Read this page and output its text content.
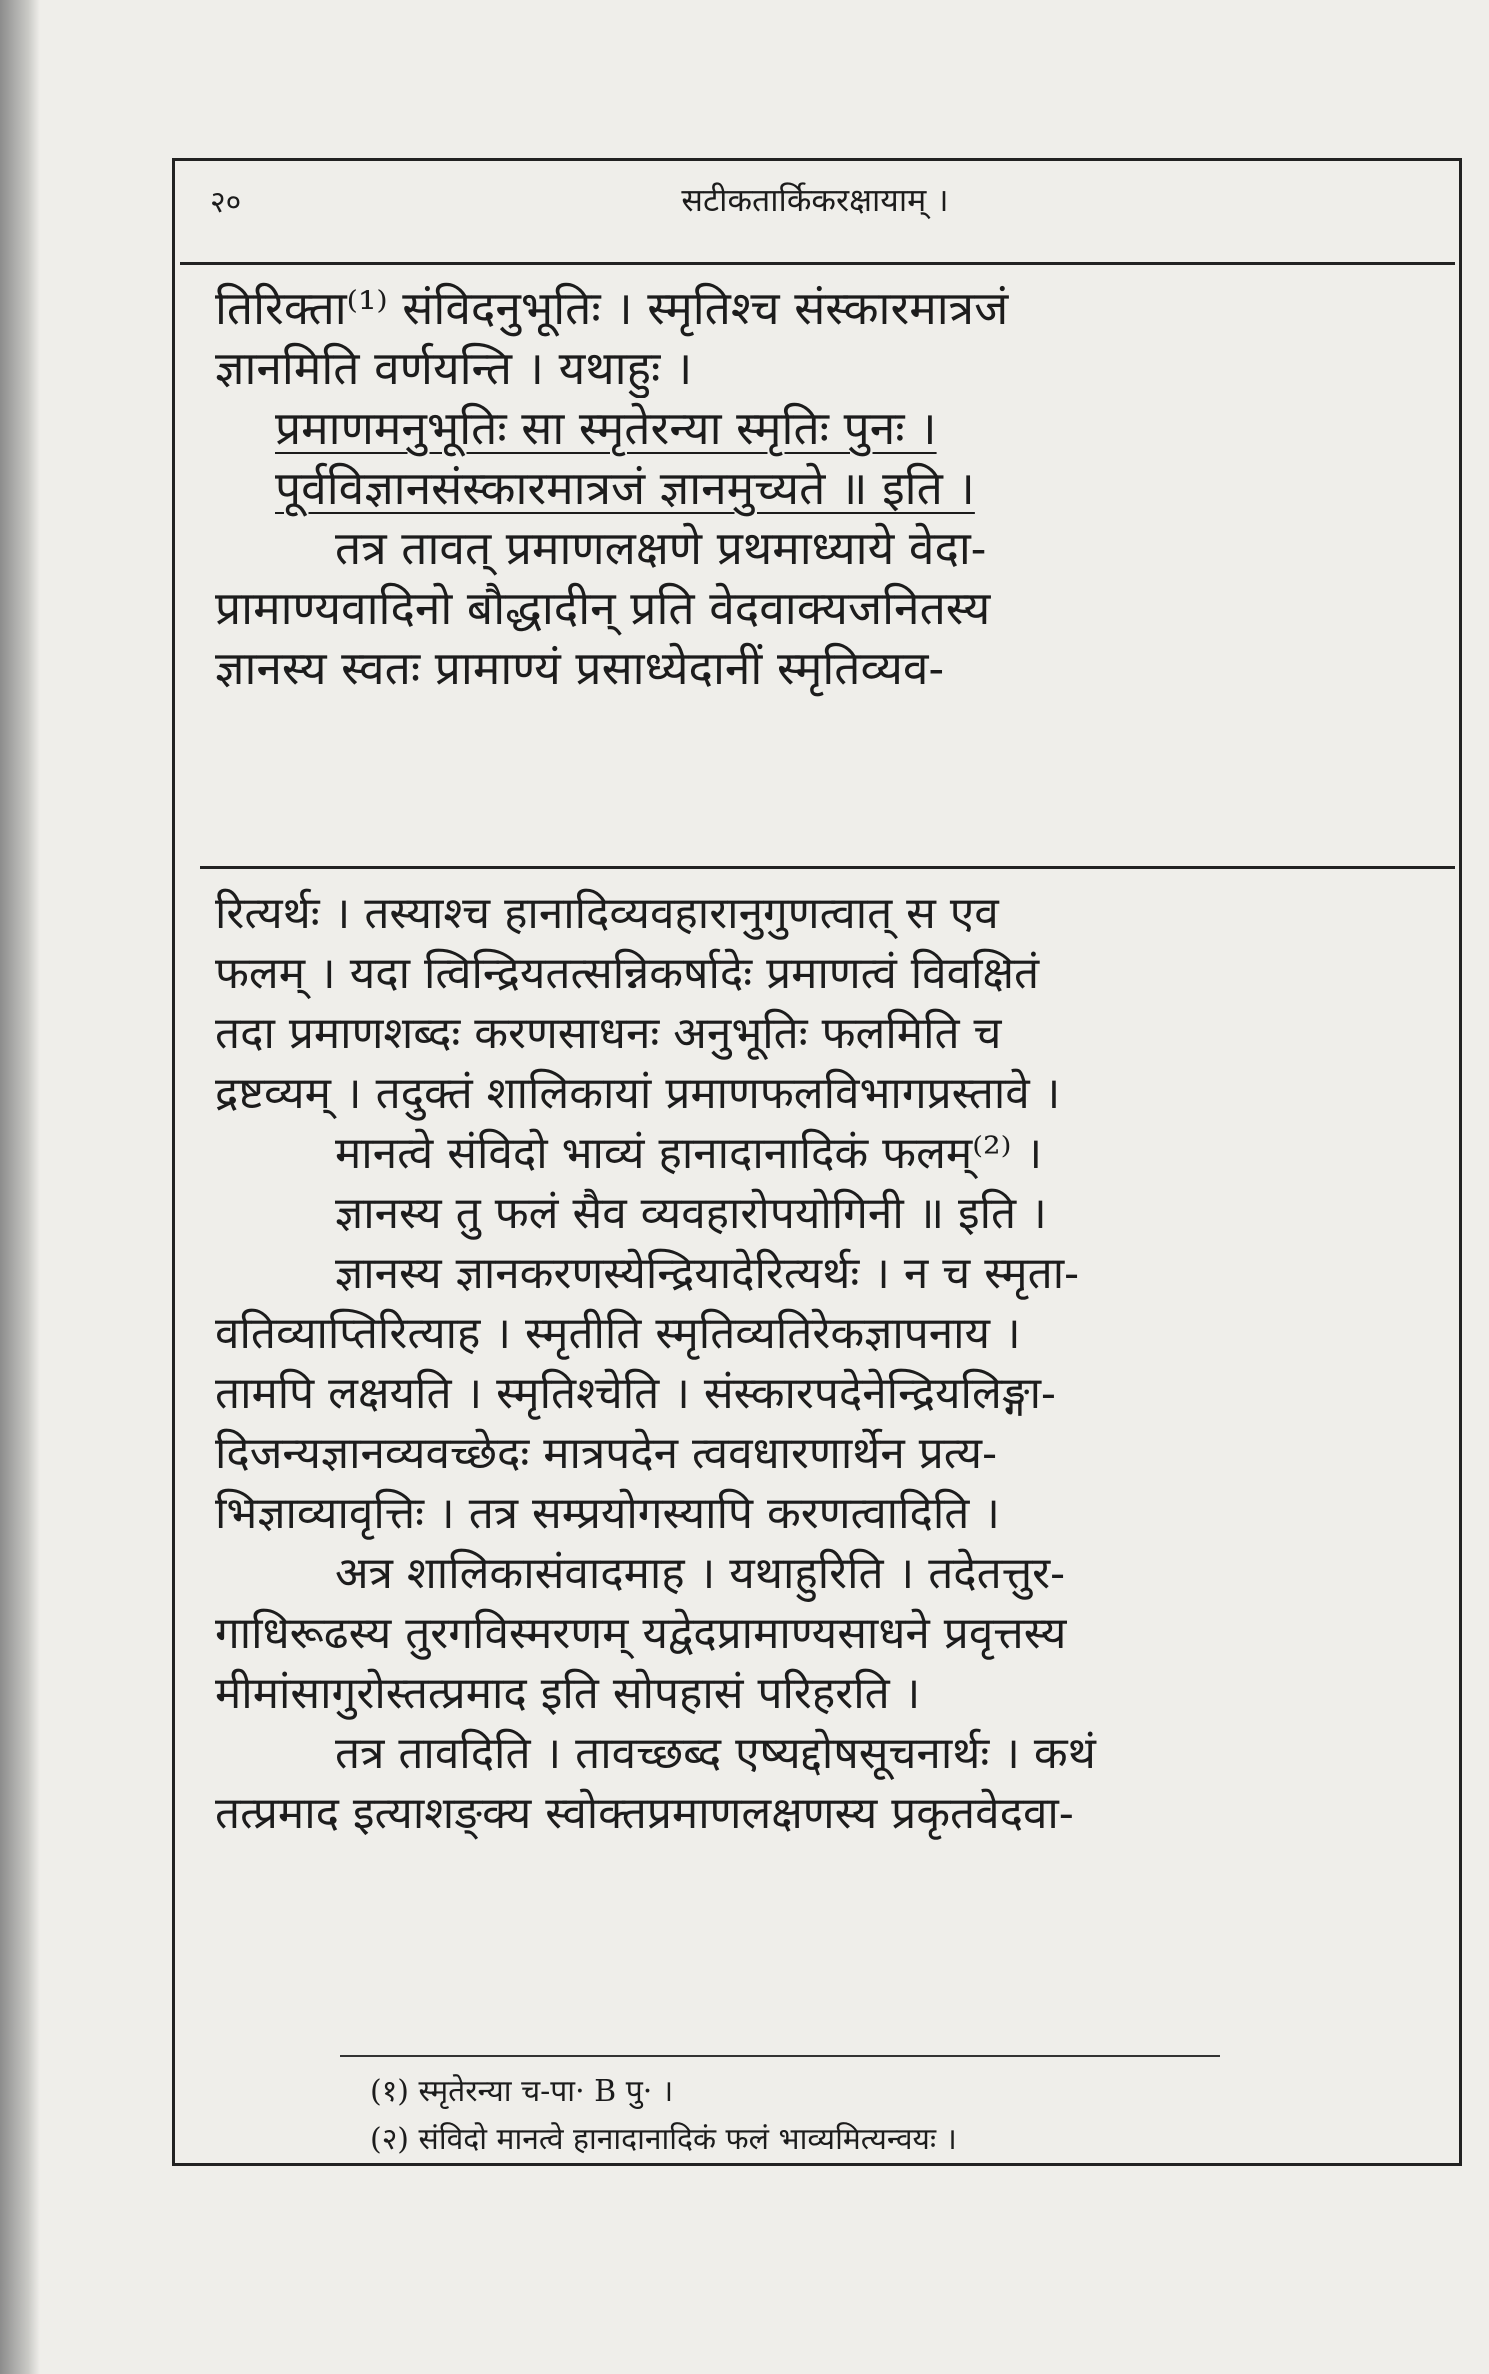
२०	सटीकतार्किकरक्षायाम् ।
तिरिक्ता⁽¹⁾ संविदनुभूतिः । स्मृतिश्च संस्कारमात्रजं
ज्ञानमिति वर्णयन्ति । यथाहुः ।
प्रमाणमनुभूतिः सा स्मृतेरन्या स्मृतिः पुनः ।
पूर्वविज्ञानसंस्कारमात्रजं ज्ञानमुच्यते ॥ इति ।
तत्र तावत् प्रमाणलक्षणे प्रथमाध्याये वेदा-
प्रामाण्यवादिनो बौद्धादीन् प्रति वेदवाक्यजनितस्य
ज्ञानस्य स्वतः प्रामाण्यं प्रसाध्येदानीं स्मृतिव्यव-
रित्यर्थः । तस्याश्च हानादिव्यवहारानुगुणत्वात् स एव
फलम् । यदा त्विन्द्रियतत्सन्निकर्षादेः प्रमाणत्वं विवक्षितं
तदा प्रमाणशब्दः करणसाधनः अनुभूतिः फलमिति च
द्रष्टव्यम् । तदुक्तं शालिकायां प्रमाणफलविभागप्रस्तावे ।
मानत्वे संविदो भाव्यं हानादानादिकं फलम्⁽²⁾ ।
ज्ञानस्य तु फलं सैव व्यवहारोपयोगिनी ॥ इति ।
ज्ञानस्य ज्ञानकरणस्येन्द्रियादेरित्यर्थः । न च स्मृता-
वतिव्याप्तिरित्याह । स्मृतीति स्मृतिव्यतिरेकज्ञापनाय ।
तामपि लक्षयति । स्मृतिश्चेति । संस्कारपदेनेन्द्रियलिङ्गा-
दिजन्यज्ञानव्यवच्छेदः मात्रपदेन त्ववधारणार्थेन प्रत्य-
भिज्ञाव्यावृत्तिः । तत्र सम्प्रयोगस्यापि करणत्वादिति ।
अत्र शालिकासंवादमाह । यथाहुरिति । तदेतत्तुर-
गाधिरूढस्य तुरगविस्मरणम् यद्वेदप्रामाण्यसाधने प्रवृत्तस्य
मीमांसागुरोस्तत्प्रमाद इति सोपहासं परिहरति ।
तत्र तावदिति । तावच्छब्द एष्यद्दोषसूचनार्थः । कथं
तत्प्रमाद इत्याशङ्क्य स्वोक्तप्रमाणलक्षणस्य प्रकृतवेदवा-
(१) स्मृतेरन्या च-पा· B पु· ।
(२) संविदो मानत्वे हानादानादिकं फलं भाव्यमित्यन्वयः ।
